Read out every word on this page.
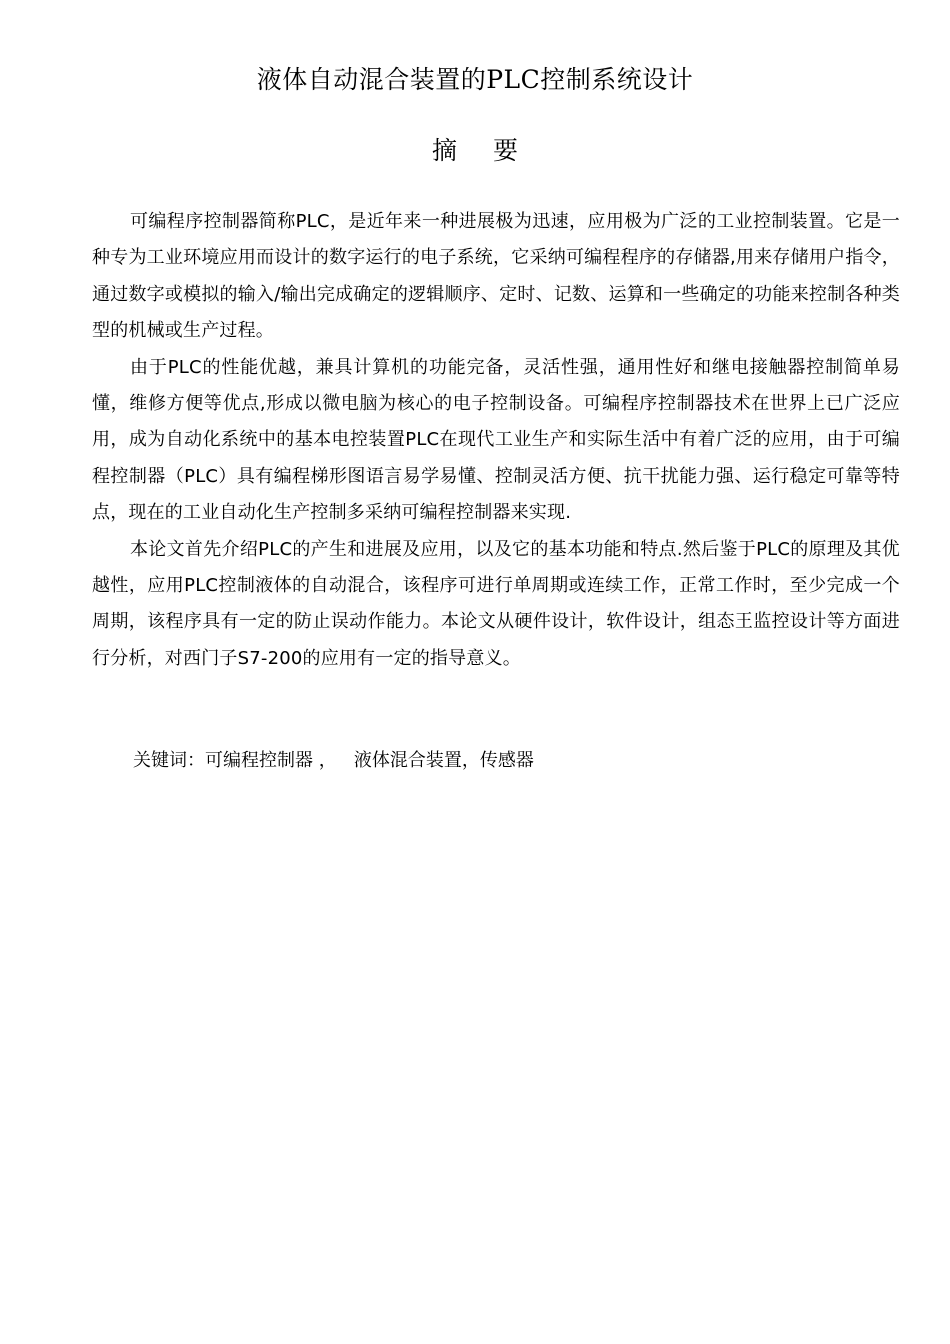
液体自动混合装置的PLC控制系统设计
摘 要

可编程序控制器简称PLC，是近年来一种进展极为迅速，应用极为广泛的工业控制装置。它是一种专为工业环境应用而设计的数字运行的电子系统，它采纳可编程程序的存储器,用来存储用户指令，通过数字或模拟的输入/输出完成确定的逻辑顺序、定时、记数、运算和一些确定的功能来控制各种类型的机械或生产过程。

由于PLC的性能优越，兼具计算机的功能完备，灵活性强，通用性好和继电接触器控制简单易懂，维修方便等优点,形成以微电脑为核心的电子控制设备。可编程序控制器技术在世界上已广泛应用，成为自动化系统中的基本电控装置PLC在现代工业生产和实际生活中有着广泛的应用，由于可编程控制器（PLC）具有编程梯形图语言易学易懂、控制灵活方便、抗干扰能力强、运行稳定可靠等特点，现在的工业自动化生产控制多采纳可编程控制器来实现.

本论文首先介绍PLC的产生和进展及应用，以及它的基本功能和特点.然后鉴于PLC的原理及其优越性，应用PLC控制液体的自动混合，该程序可进行单周期或连续工作，正常工作时，至少完成一个周期，该程序具有一定的防止误动作能力。本论文从硬件设计，软件设计，组态王监控设计等方面进行分析，对西门子S7-200的应用有一定的指导意义。

关键词：可编程控制器 ，   液体混合装置，传感器
